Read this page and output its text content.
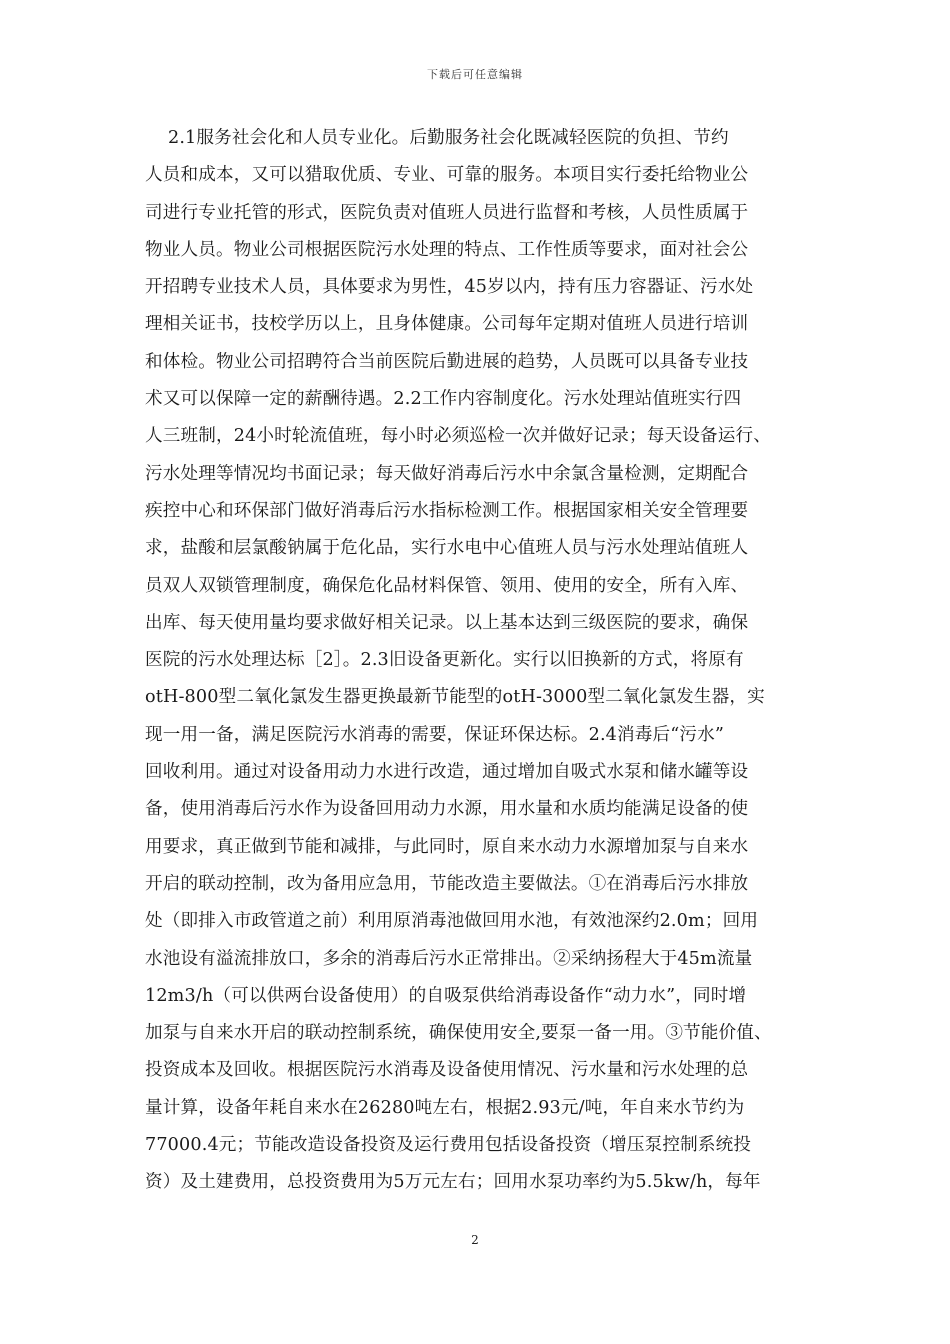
下载后可任意编辑
2.1服务社会化和人员专业化。后勤服务社会化既减轻医院的负担、节约
人员和成本，又可以猎取优质、专业、可靠的服务。本项目实行委托给物业公
司进行专业托管的形式，医院负责对值班人员进行监督和考核，人员性质属于
物业人员。物业公司根据医院污水处理的特点、工作性质等要求，面对社会公
开招聘专业技术人员，具体要求为男性，45岁以内，持有压力容器证、污水处
理相关证书，技校学历以上，且身体健康。公司每年定期对值班人员进行培训
和体检。物业公司招聘符合当前医院后勤进展的趋势，人员既可以具备专业技
术又可以保障一定的薪酬待遇。2.2工作内容制度化。污水处理站值班实行四
人三班制，24小时轮流值班，每小时必须巡检一次并做好记录；每天设备运行、
污水处理等情况均书面记录；每天做好消毒后污水中余氯含量检测，定期配合
疾控中心和环保部门做好消毒后污水指标检测工作。根据国家相关安全管理要
求，盐酸和层氯酸钠属于危化品，实行水电中心值班人员与污水处理站值班人
员双人双锁管理制度，确保危化品材料保管、领用、使用的安全，所有入库、
出库、每天使用量均要求做好相关记录。以上基本达到三级医院的要求，确保
医院的污水处理达标［2］。2.3旧设备更新化。实行以旧换新的方式，将原有
otH-800型二氧化氯发生器更换最新节能型的otH-3000型二氧化氯发生器，实
现一用一备，满足医院污水消毒的需要，保证环保达标。2.4消毒后“污水”
回收利用。通过对设备用动力水进行改造，通过增加自吸式水泵和储水罐等设
备，使用消毒后污水作为设备回用动力水源，用水量和水质均能满足设备的使
用要求，真正做到节能和减排，与此同时，原自来水动力水源增加泵与自来水
开启的联动控制，改为备用应急用，节能改造主要做法。①在消毒后污水排放
处（即排入市政管道之前）利用原消毒池做回用水池，有效池深约2.0m；回用
水池设有溢流排放口，多余的消毒后污水正常排出。②采纳扬程大于45m流量
12m3/h（可以供两台设备使用）的自吸泵供给消毒设备作“动力水”，同时增
加泵与自来水开启的联动控制系统，确保使用安全,要泵一备一用。③节能价值、
投资成本及回收。根据医院污水消毒及设备使用情况、污水量和污水处理的总
量计算，设备年耗自来水在26280吨左右，根据2.93元/吨，年自来水节约为
77000.4元；节能改造设备投资及运行费用包括设备投资（增压泵控制系统投
资）及土建费用，总投资费用为5万元左右；回用水泵功率约为5.5kw/h，每年
2
